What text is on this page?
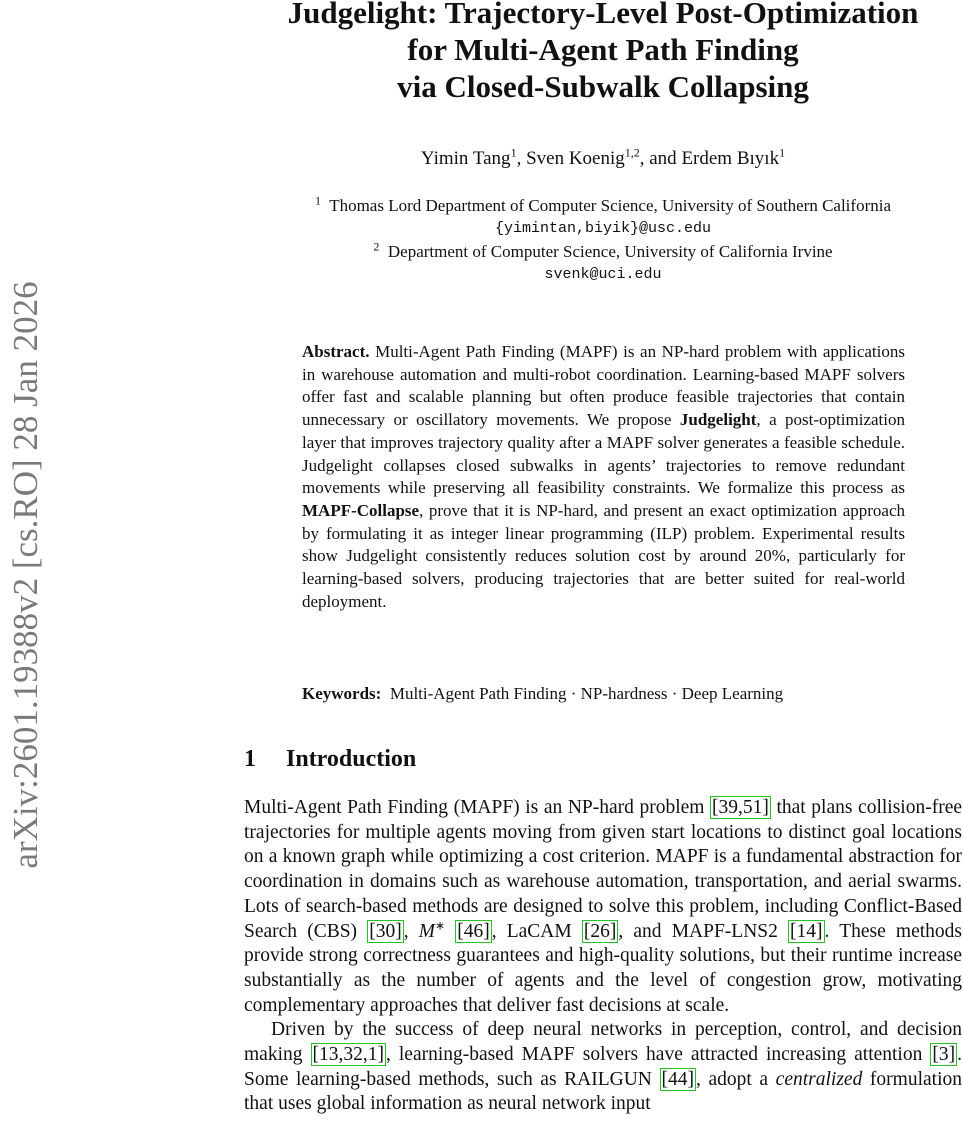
arXiv:2601.19388v2 [cs.RO] 28 Jan 2026
Judgelight: Trajectory-Level Post-Optimization
for Multi-Agent Path Finding
via Closed-Subwalk Collapsing
Yimin Tang$^1$, Sven Koenig$^{1,2}$, and Erdem Bıyık$^1$
$^1$ Thomas Lord Department of Computer Science, University of Southern California
{yimintan,biyik}@usc.edu
$^2$ Department of Computer Science, University of California Irvine
svenk@uci.edu

Abstract. Multi-Agent Path Finding (MAPF) is an NP-hard problem with applications in warehouse automation and multi-robot coordination. Learning-based MAPF solvers offer fast and scalable planning but often produce feasible trajectories that contain unnecessary or oscillatory movements. We propose Judgelight, a post-optimization layer that improves trajectory quality after a MAPF solver generates a feasible schedule. Judgelight collapses closed subwalks in agents’ trajectories to remove redundant movements while preserving all feasibility constraints. We formalize this process as MAPF-Collapse, prove that it is NP-hard, and present an exact optimization approach by formulating it as integer linear programming (ILP) problem. Experimental results show Judgelight consistently reduces solution cost by around 20%, particularly for learning-based solvers, producing trajectories that are better suited for real-world deployment.

Keywords: Multi-Agent Path Finding · NP-hardness · Deep Learning

1 Introduction

Multi-Agent Path Finding (MAPF) is an NP-hard problem [39,51] that plans collision-free trajectories for multiple agents moving from given start locations to distinct goal locations on a known graph while optimizing a cost criterion. MAPF is a fundamental abstraction for coordination in domains such as warehouse automation, transportation, and aerial swarms. Lots of search-based methods are designed to solve this problem, including Conflict-Based Search (CBS) [30] , M∗ [46] , LaCAM [26] , and MAPF-LNS2 [14] . These methods provide strong correctness guarantees and high-quality solutions, but their runtime increase substantially as the number of agents and the level of congestion grow, motivating complementary approaches that deliver fast decisions at scale.

Driven by the success of deep neural networks in perception, control, and decision making [13,32,1] , learning-based MAPF solvers have attracted increasing attention [3] . Some learning-based methods, such as RAILGUN [44] , adopt a centralized formulation that uses global information as neural network input
